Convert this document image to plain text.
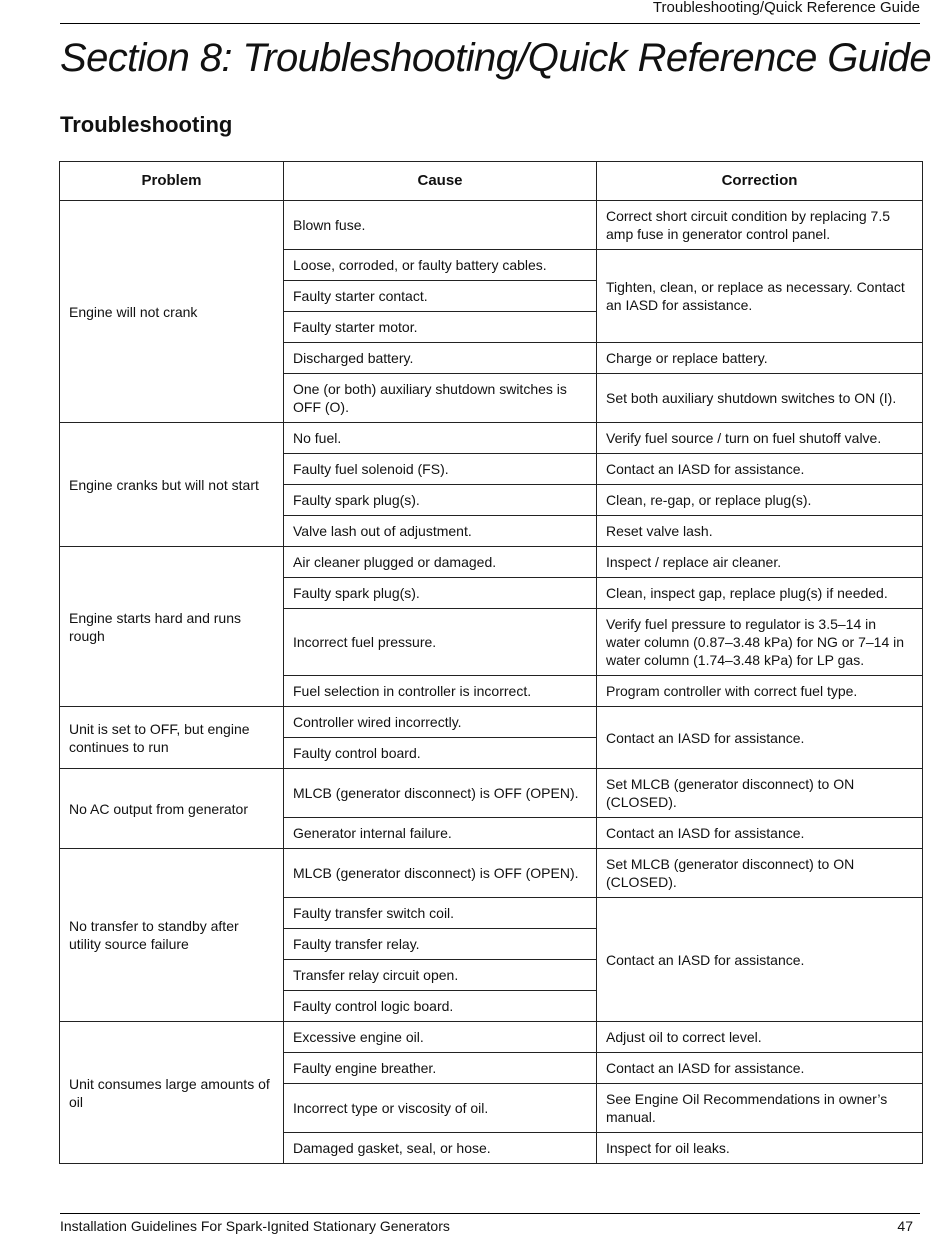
Troubleshooting/Quick Reference Guide
Section 8: Troubleshooting/Quick Reference Guide
Troubleshooting
Problem	Cause	Correction
Engine will not crank	Blown fuse.	Correct short circuit condition by replacing 7.5 amp fuse in generator control panel.
	Loose, corroded, or faulty battery cables.	Tighten, clean, or replace as necessary. Contact an IASD for assistance.
	Faulty starter contact.	
	Faulty starter motor.	
	Discharged battery.	Charge or replace battery.
	One (or both) auxiliary shutdown switches is OFF (O).	Set both auxiliary shutdown switches to ON (I).
Engine cranks but will not start	No fuel.	Verify fuel source / turn on fuel shutoff valve.
	Faulty fuel solenoid (FS).	Contact an IASD for assistance.
	Faulty spark plug(s).	Clean, re-gap, or replace plug(s).
	Valve lash out of adjustment.	Reset valve lash.
Engine starts hard and runs rough	Air cleaner plugged or damaged.	Inspect / replace air cleaner.
	Faulty spark plug(s).	Clean, inspect gap, replace plug(s) if needed.
	Incorrect fuel pressure.	Verify fuel pressure to regulator is 3.5–14 in water column (0.87–3.48 kPa) for NG or 7–14 in water column (1.74–3.48 kPa) for LP gas.
	Fuel selection in controller is incorrect.	Program controller with correct fuel type.
Unit is set to OFF, but engine continues to run	Controller wired incorrectly.	Contact an IASD for assistance.
	Faulty control board.	
No AC output from generator	MLCB (generator disconnect) is OFF (OPEN).	Set MLCB (generator disconnect) to ON (CLOSED).
	Generator internal failure.	Contact an IASD for assistance.
No transfer to standby after utility source failure	MLCB (generator disconnect) is OFF (OPEN).	Set MLCB (generator disconnect) to ON (CLOSED).
	Faulty transfer switch coil.	Contact an IASD for assistance.
	Faulty transfer relay.	
	Transfer relay circuit open.	
	Faulty control logic board.	
Unit consumes large amounts of oil	Excessive engine oil.	Adjust oil to correct level.
	Faulty engine breather.	Contact an IASD for assistance.
	Incorrect type or viscosity of oil.	See Engine Oil Recommendations in owner’s manual.
	Damaged gasket, seal, or hose.	Inspect for oil leaks.
Installation Guidelines For Spark-Ignited Stationary Generators	47
